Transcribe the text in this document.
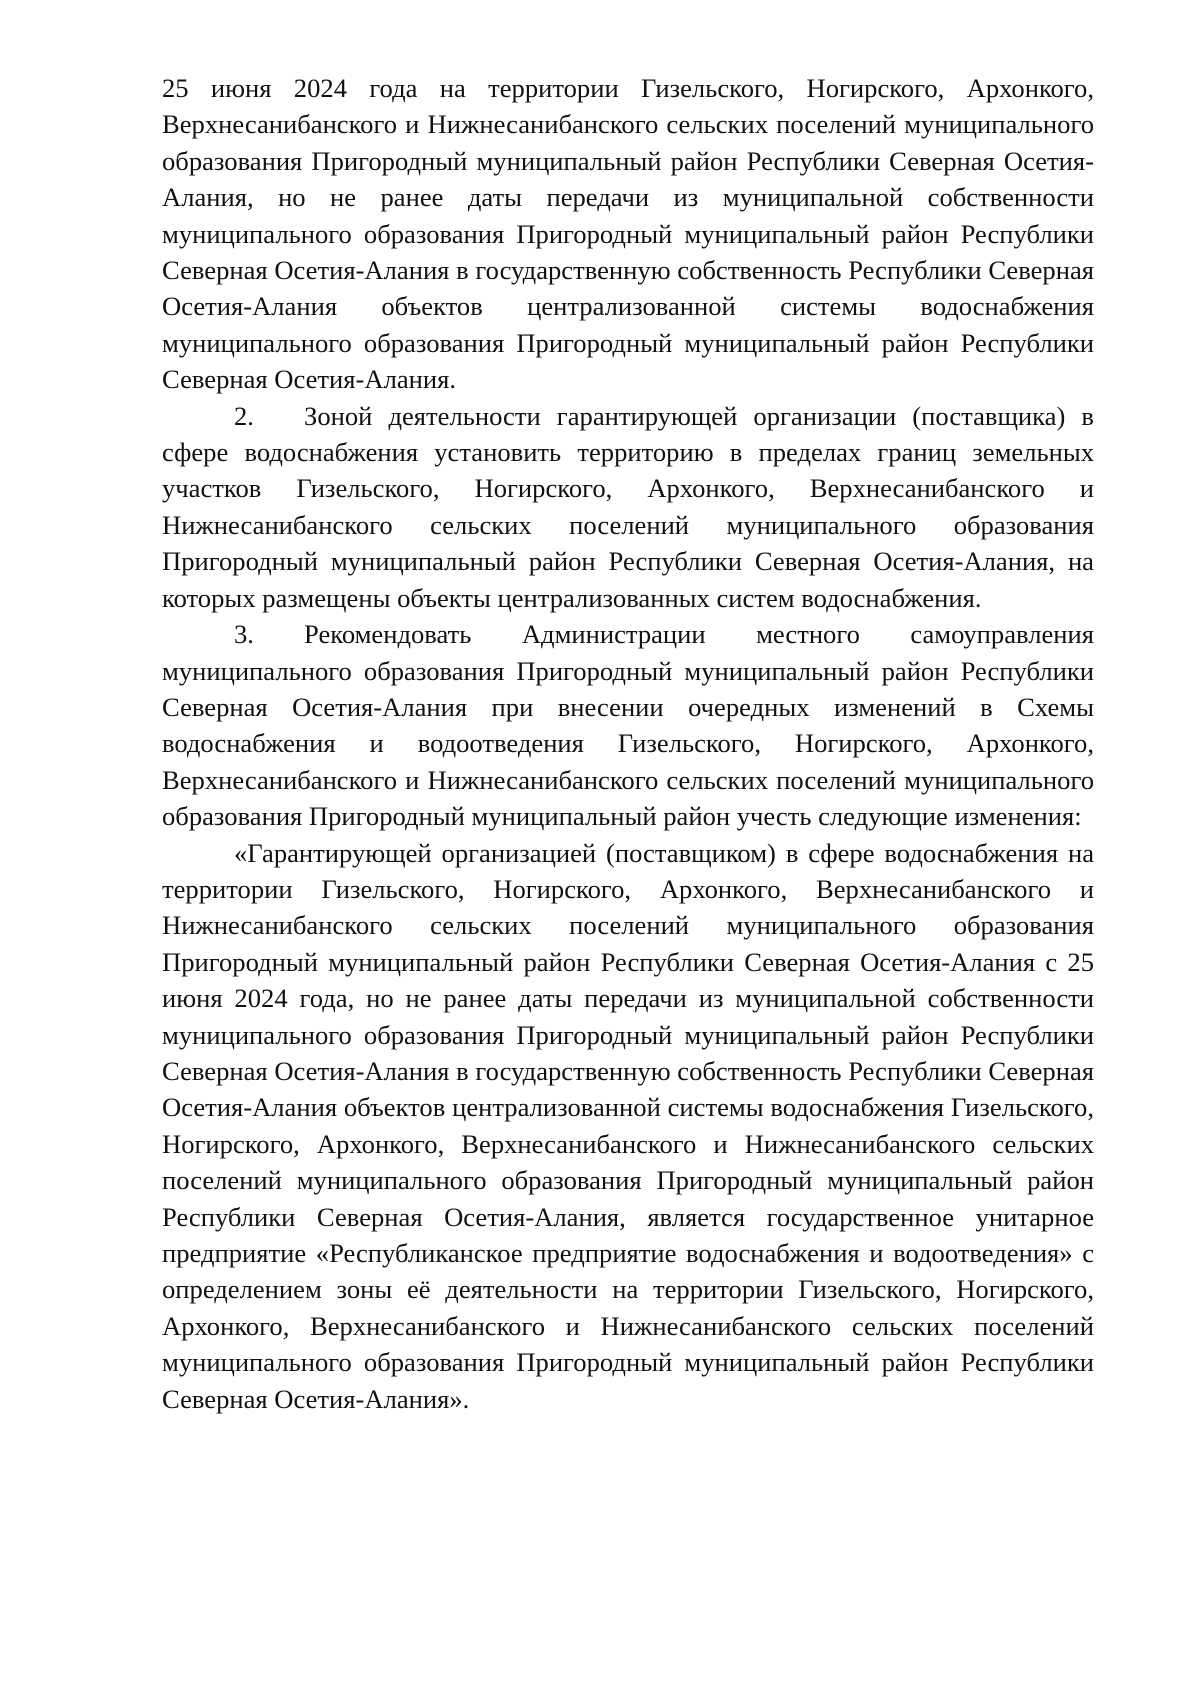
25 июня 2024 года на территории Гизельского, Ногирского, Архонкого, Верхнесанибанского и Нижнесанибанского сельских поселений муниципального образования Пригородный муниципальный район Республики Северная Осетия-Алания, но не ранее даты передачи из муниципальной собственности муниципального образования Пригородный муниципальный район Республики Северная Осетия-Алания в государственную собственность Республики Северная Осетия-Алания объектов централизованной системы водоснабжения муниципального образования Пригородный муниципальный район Республики Северная Осетия-Алания.

2. Зоной деятельности гарантирующей организации (поставщика) в сфере водоснабжения установить территорию в пределах границ земельных участков Гизельского, Ногирского, Архонкого, Верхнесанибанского и Нижнесанибанского сельских поселений муниципального образования Пригородный муниципальный район Республики Северная Осетия-Алания, на которых размещены объекты централизованных систем водоснабжения.

3. Рекомендовать Администрации местного самоуправления муниципального образования Пригородный муниципальный район Республики Северная Осетия-Алания при внесении очередных изменений в Схемы водоснабжения и водоотведения Гизельского, Ногирского, Архонкого, Верхнесанибанского и Нижнесанибанского сельских поселений муниципального образования Пригородный муниципальный район учесть следующие изменения:

«Гарантирующей организацией (поставщиком) в сфере водоснабжения на территории Гизельского, Ногирского, Архонкого, Верхнесанибанского и Нижнесанибанского сельских поселений муниципального образования Пригородный муниципальный район Республики Северная Осетия-Алания с 25 июня 2024 года, но не ранее даты передачи из муниципальной собственности муниципального образования Пригородный муниципальный район Республики Северная Осетия-Алания в государственную собственность Республики Северная Осетия-Алания объектов централизованной системы водоснабжения Гизельского, Ногирского, Архонкого, Верхнесанибанского и Нижнесанибанского сельских поселений муниципального образования Пригородный муниципальный район Республики Северная Осетия-Алания, является государственное унитарное предприятие «Республиканское предприятие водоснабжения и водоотведения» с определением зоны её деятельности на территории Гизельского, Ногирского, Архонкого, Верхнесанибанского и Нижнесанибанского сельских поселений муниципального образования Пригородный муниципальный район Республики Северная Осетия-Алания».
